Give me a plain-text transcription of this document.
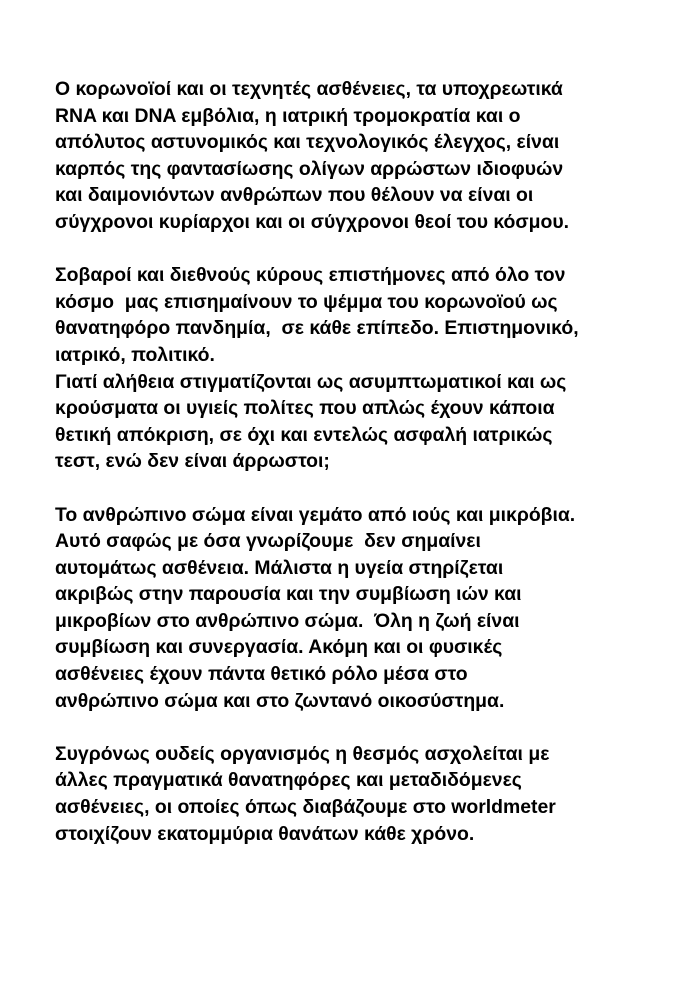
Ο κορωνοϊοί και οι τεχνητές ασθένειες, τα υποχρεωτικά
RNA και DNA εμβόλια, η ιατρική τρομοκρατία και ο
απόλυτος αστυνομικός και τεχνολογικός έλεγχος, είναι
καρπός της φαντασίωσης ολίγων αρρώστων ιδιοφυών
και δαιμονιόντων ανθρώπων που θέλουν να είναι οι
σύγχρονοι κυρίαρχοι και οι σύγχρονοι θεοί του κόσμου.

Σοβαροί και διεθνούς κύρους επιστήμονες από όλο τον
κόσμο  μας επισημαίνουν το ψέμμα του κορωνοϊού ως
θανατηφόρο πανδημία,  σε κάθε επίπεδο. Επιστημονικό,
ιατρικό, πολιτικό.

Γιατί αλήθεια στιγματίζονται ως ασυμπτωματικοί και ως
κρούσματα οι υγιείς πολίτες που απλώς έχουν κάποια
θετική απόκριση, σε όχι και εντελώς ασφαλή ιατρικώς
τεστ, ενώ δεν είναι άρρωστοι;

Το ανθρώπινο σώμα είναι γεμάτο από ιούς και μικρόβια.
Αυτό σαφώς με όσα γνωρίζουμε  δεν σημαίνει
αυτομάτως ασθένεια. Μάλιστα η υγεία στηρίζεται
ακριβώς στην παρουσία και την συμβίωση ιών και
μικροβίων στο ανθρώπινο σώμα.  Όλη η ζωή είναι
συμβίωση και συνεργασία. Ακόμη και οι φυσικές
ασθένειες έχουν πάντα θετικό ρόλο μέσα στο
ανθρώπινο σώμα και στο ζωντανό οικοσύστημα.

Συγρόνως ουδείς οργανισμός η θεσμός ασχολείται με
άλλες πραγματικά θανατηφόρες και μεταδιδόμενες
ασθένειες, οι οποίες όπως διαβάζουμε στο worldmeter
στοιχίζουν εκατομμύρια θανάτων κάθε χρόνο.
